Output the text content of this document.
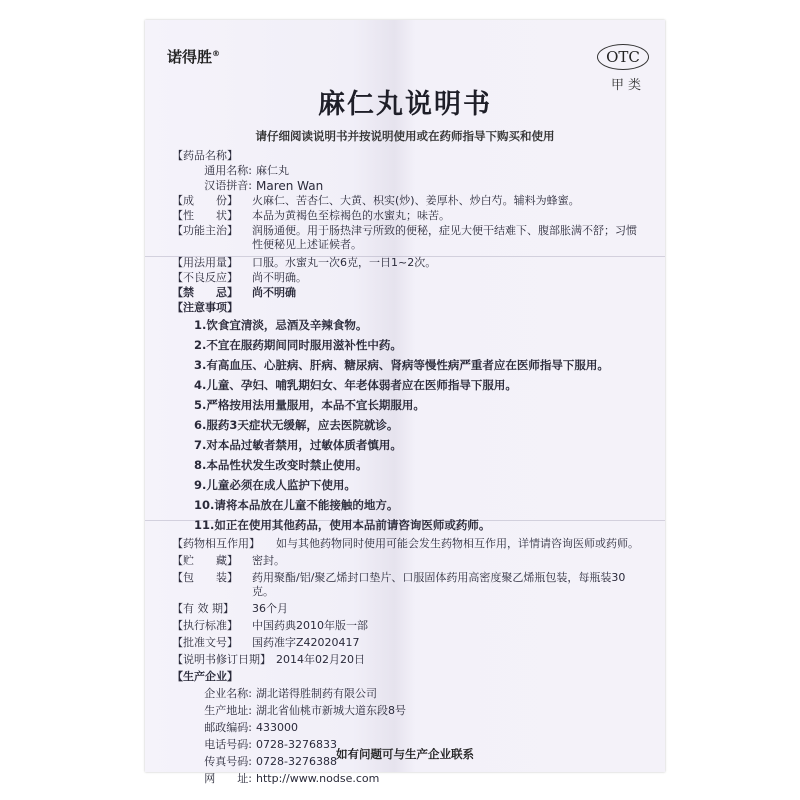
诺得胜®	OTC
甲类
麻仁丸说明书
请仔细阅读说明书并按说明使用或在药师指导下购买和使用
【药品名称】
通用名称: 麻仁丸
汉语拼音: Maren Wan
【成　　份】	火麻仁、苦杏仁、大黄、枳实(炒)、姜厚朴、炒白芍。辅料为蜂蜜。
【性　　状】	本品为黄褐色至棕褐色的水蜜丸；味苦。
【功能主治】	润肠通便。用于肠热津亏所致的便秘，症见大便干结难下、腹部胀满不舒；习惯性便秘见上述证候者。
【用法用量】	口服。水蜜丸一次6克，一日1~2次。
【不良反应】	尚不明确。
【禁　　忌】	尚不明确
【注意事项】
1.饮食宜清淡，忌酒及辛辣食物。
2.不宜在服药期间同时服用滋补性中药。
3.有高血压、心脏病、肝病、糖尿病、肾病等慢性病严重者应在医师指导下服用。
4.儿童、孕妇、哺乳期妇女、年老体弱者应在医师指导下服用。
5.严格按用法用量服用，本品不宜长期服用。
6.服药3天症状无缓解，应去医院就诊。
7.对本品过敏者禁用，过敏体质者慎用。
8.本品性状发生改变时禁止使用。
9.儿童必须在成人监护下使用。
10.请将本品放在儿童不能接触的地方。
11.如正在使用其他药品，使用本品前请咨询医师或药师。
【药物相互作用】	如与其他药物同时使用可能会发生药物相互作用，详情请咨询医师或药师。
【贮　　藏】	密封。
【包　　装】	药用聚酯/铝/聚乙烯封口垫片、口服固体药用高密度聚乙烯瓶包装，每瓶装30克。
【有 效 期】	36个月
【执行标准】	中国药典2010年版一部
【批准文号】	国药准字Z42020417
【说明书修订日期】 2014年02月20日
【生产企业】
企业名称: 湖北诺得胜制药有限公司
生产地址: 湖北省仙桃市新城大道东段8号
邮政编码: 433000
电话号码: 0728-3276833
传真号码: 0728-3276388
网　　址: http://www.nodse.com
如有问题可与生产企业联系
